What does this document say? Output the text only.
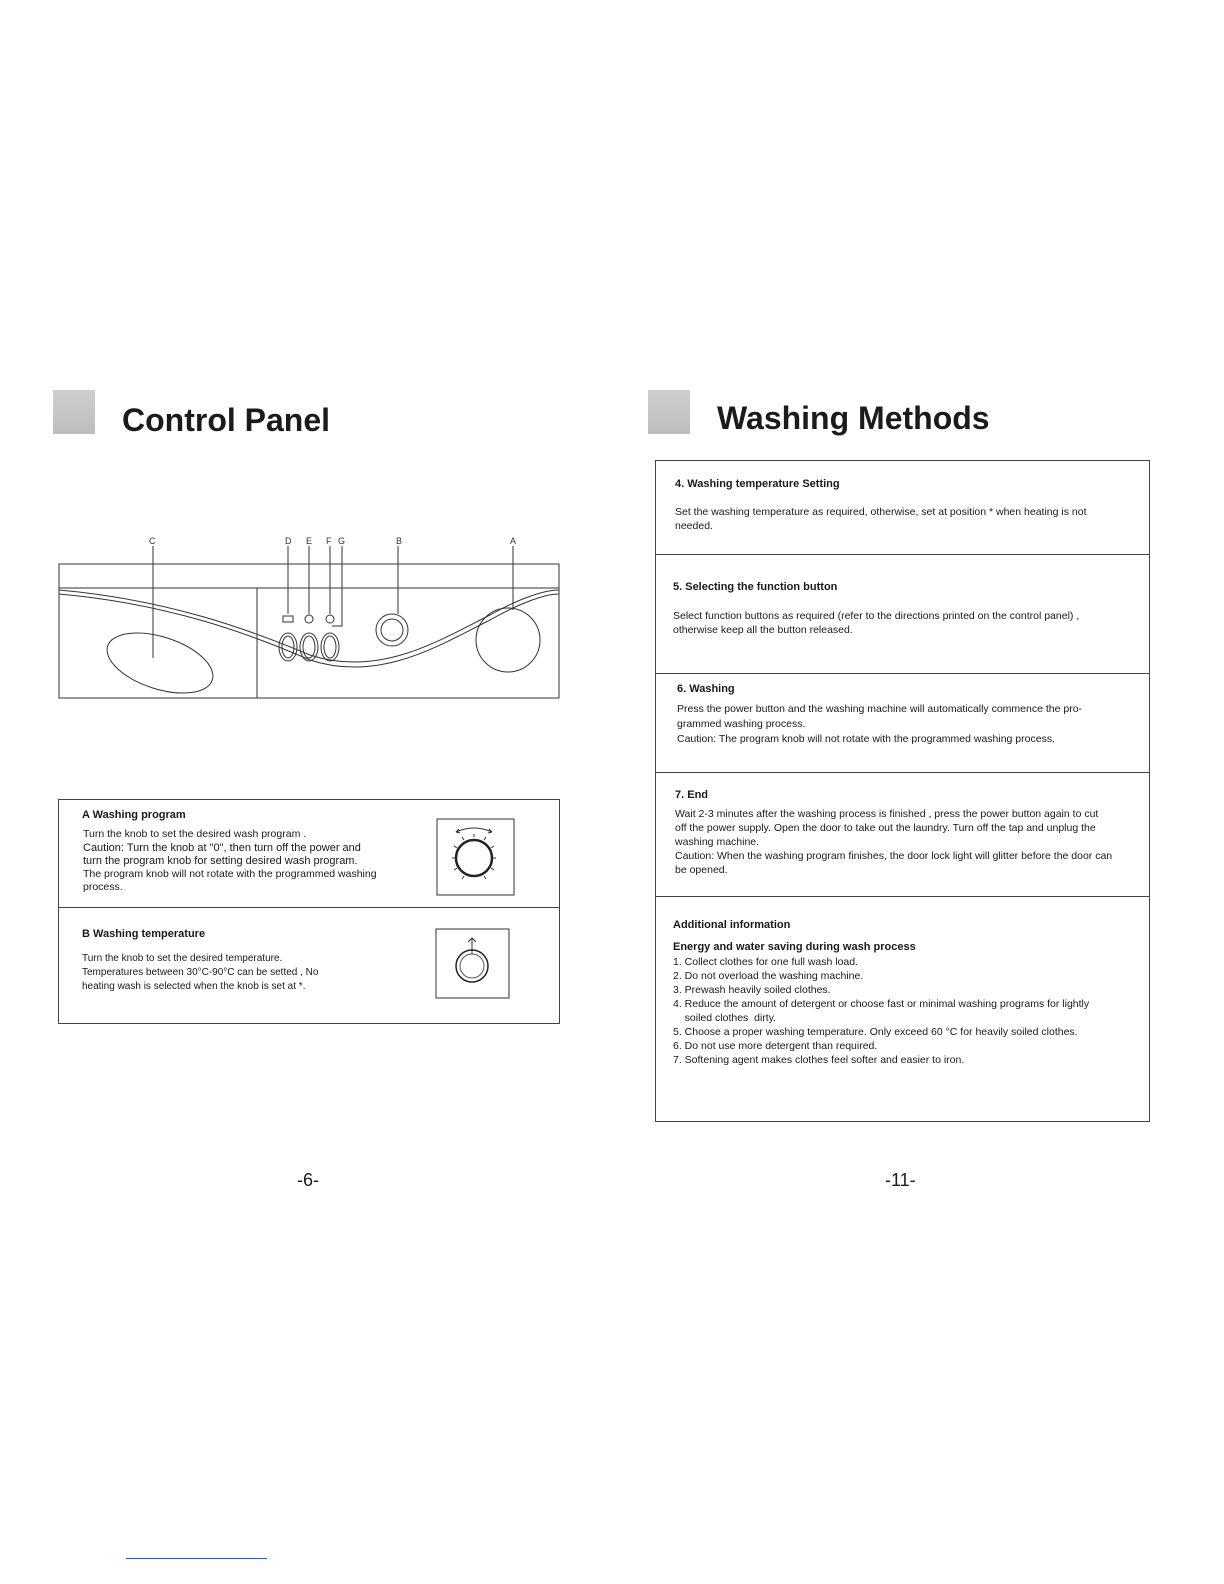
Control Panel
C	D E F G	B	A
A Washing program
Turn the knob to set the desired wash program .
Caution: Turn the knob at "0", then turn off the power and
turn the program knob for setting desired wash program.
The program knob will not rotate with the programmed washing
process.
B Washing temperature
Turn the knob to set the desired temperature.
Temperatures between 30°C-90°C can be setted , No
heating wash is selected when the knob is set at *.
-6-
Washing Methods
4. Washing temperature Setting
Set the washing temperature as required, otherwise, set at position * when heating is not
needed.
5. Selecting the function button
Select function buttons as required (refer to the directions printed on the control panel) ,
otherwise keep all the button released.
6. Washing
Press the power button and the washing machine will automatically commence the pro-
grammed washing process.
Caution: The program knob will not rotate with the programmed washing process.
7. End
Wait 2-3 minutes after the washing process is finished , press the power button again to cut
off the power supply. Open the door to take out the laundry. Turn off the tap and unplug the
washing machine.
Caution: When the washing program finishes, the door lock light will glitter before the door can
be opened.
Additional information
Energy and water saving during wash process
1. Collect clothes for one full wash load.
2. Do not overload the washing machine.
3. Prewash heavily soiled clothes.
4. Reduce the amount of detergent or choose fast or minimal washing programs for lightly
soiled clothes  dirty.
5. Choose a proper washing temperature. Only exceed 60 °C for heavily soiled clothes.
6. Do not use more detergent than required.
7. Softening agent makes clothes feel softer and easier to iron.
-11-
